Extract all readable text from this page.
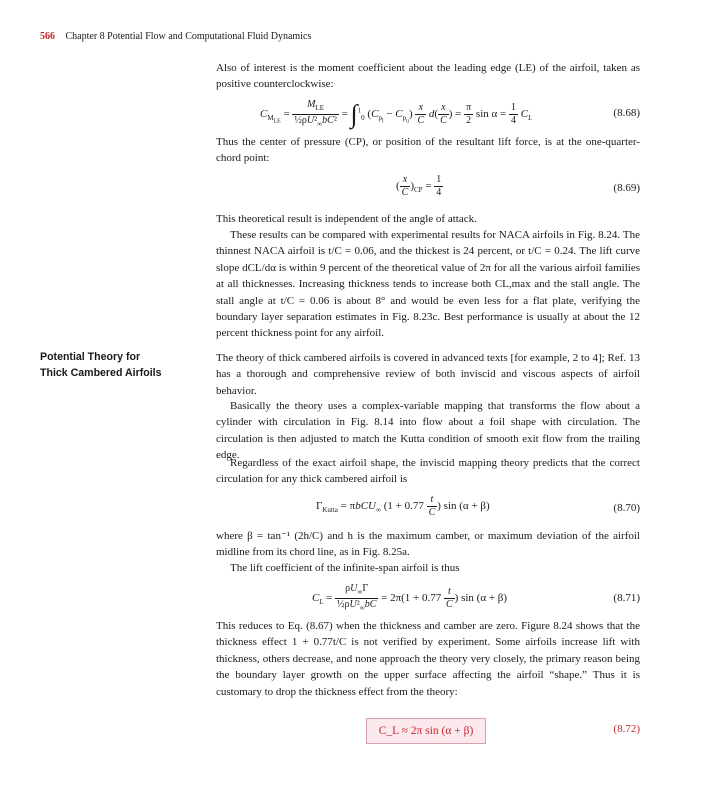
566 Chapter 8 Potential Flow and Computational Fluid Dynamics

Also of interest is the moment coefficient about the leading edge (LE) of the airfoil, taken as positive counterclockwise:

$C_{M_{LE}} = \frac{M_{LE}}{\frac{1}{2}\rho U^2_\infty bC^2} = \int^1_0$ $(C_{p_l} - C_{p_u}) \frac{x}{C} d( \frac{x}{C}$ ) = $\frac{\pi}{2}$ $\sin \alpha = \frac{1}{4} C_L$	(8.68)

Thus the center of pressure (CP), or position of the resultant lift force, is at the one-quarter-chord point:

( $\frac{x}{C} )_{CP} = \frac{1}{4}$	(8.69)

This theoretical result is independent of the angle of attack.

These results can be compared with experimental results for NACA airfoils in Fig. 8.24. The thinnest NACA airfoil is t/C = 0.06, and the thickest is 24 percent, or t/C = 0.24. The lift curve slope dCL/dα is within 9 percent of the theoretical value of 2π for all the various airfoil families at all thicknesses. Increasing thickness tends to increase both CL,max and the stall angle. The stall angle at t/C = 0.06 is about 8° and would be even less for a flat plate, verifying the boundary layer separation estimates in Fig. 8.23c. Best performance is usually at about the 12 percent thickness point for any airfoil.

Potential Theory for
Thick Cambered Airfoils

The theory of thick cambered airfoils is covered in advanced texts [for example, 2 to 4]; Ref. 13 has a thorough and comprehensive review of both inviscid and viscous aspects of airfoil behavior.

Basically the theory uses a complex-variable mapping that transforms the flow about a cylinder with circulation in Fig. 8.14 into flow about a foil shape with circulation. The circulation is then adjusted to match the Kutta condition of smooth exit flow from the trailing edge.

Regardless of the exact airfoil shape, the inviscid mapping theory predicts that the correct circulation for any thick cambered airfoil is

$\Gamma_{Kutta} = \pi bCU_\infty$ ($1 + 0.77 \frac{t}{C}$ ) sin (α + β)	(8.70)

where β = tan⁻¹ (2h/C) and h is the maximum camber, or maximum deviation of the airfoil midline from its chord line, as in Fig. 8.25a.

The lift coefficient of the infinite-span airfoil is thus

$C_L = \frac{\rho U_\infty\Gamma}{\frac{1}{2}\rho U^2_\infty bC} = 2\pi(1 + 0.77 \frac{t}{C}$ ) sin (α + β)	(8.71)

This reduces to Eq. (8.67) when the thickness and camber are zero. Figure 8.24 shows that the thickness effect 1 + 0.77t/C is not verified by experiment. Some airfoils increase lift with thickness, others decrease, and none approach the theory very closely, the primary reason being the boundary layer growth on the upper surface affecting the airfoil “shape.” Thus it is customary to drop the thickness effect from the theory:

C_L ≈ 2π sin (α + β)	(8.72)
